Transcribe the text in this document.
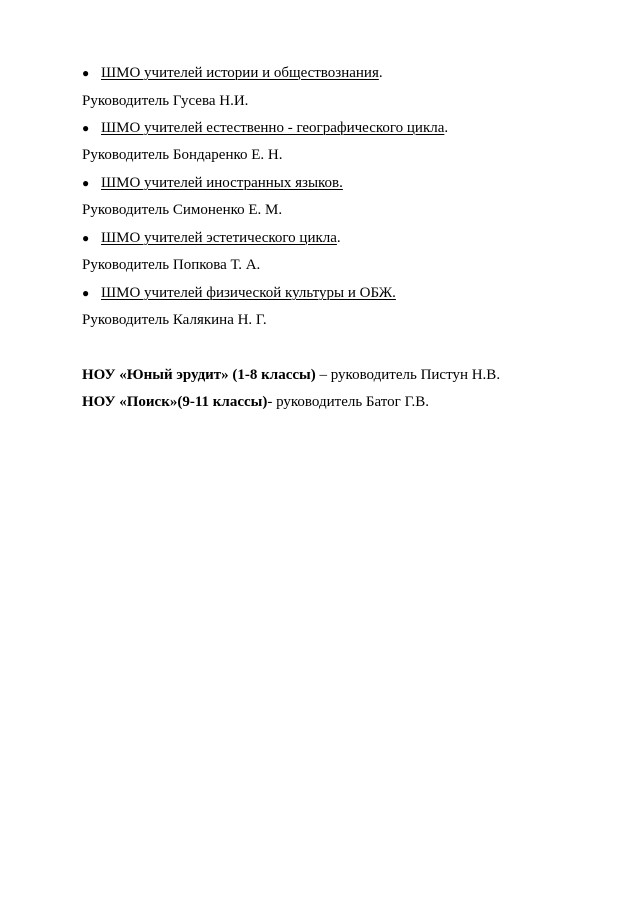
● ШМО учителей истории и обществознания.
Руководитель Гусева Н.И.
● ШМО учителей естественно - географического цикла.
Руководитель Бондаренко Е. Н.
● ШМО учителей иностранных языков.
Руководитель Симоненко Е. М.
● ШМО учителей эстетического цикла.
Руководитель Попкова Т. А.
● ШМО учителей физической культуры и ОБЖ.
Руководитель Калякина Н. Г.
НОУ «Юный эрудит» (1-8 классы) – руководитель Пистун Н.В.
НОУ «Поиск»(9-11 классы)- руководитель Батог Г.В.
